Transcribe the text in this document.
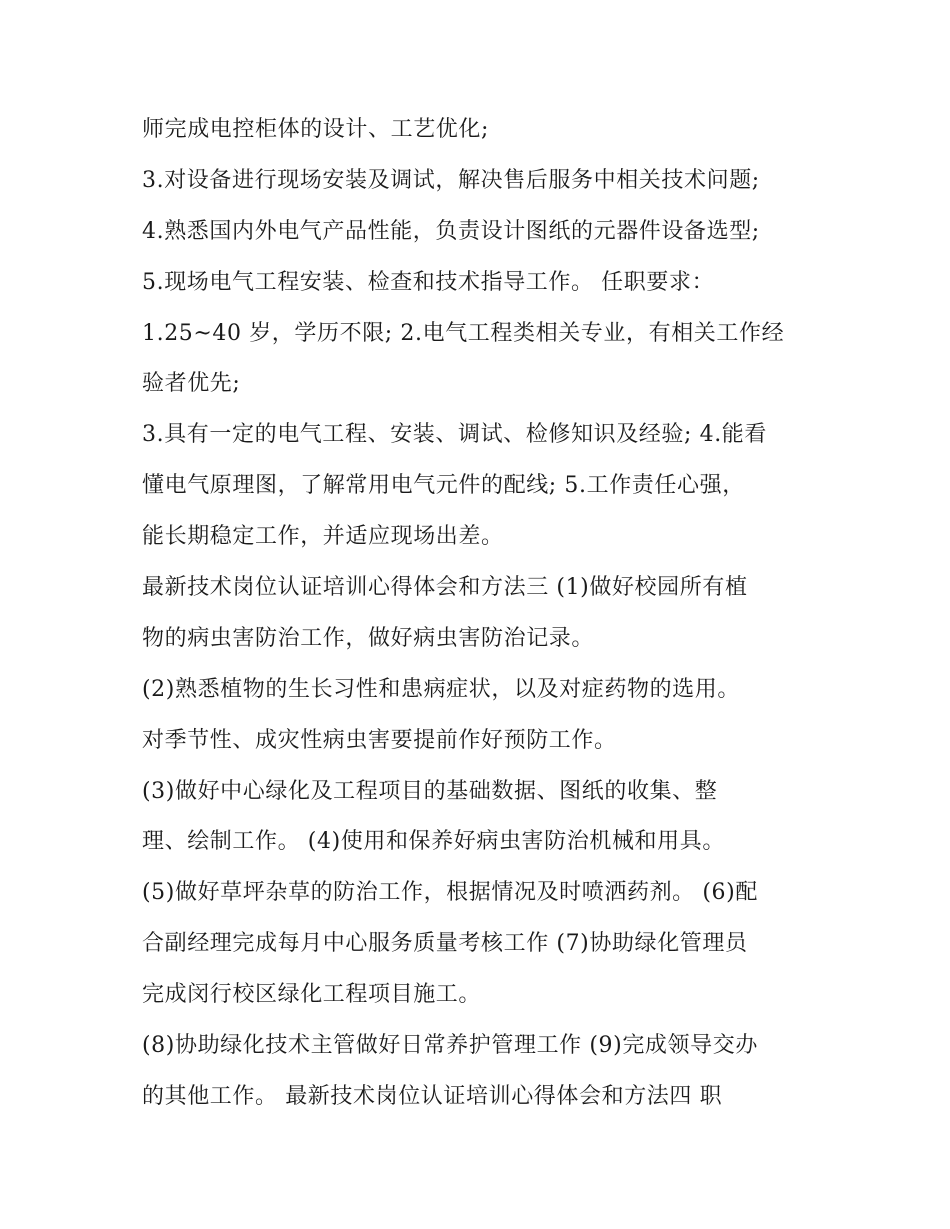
师完成电控柜体的设计、工艺优化;
3.对设备进行现场安装及调试，解决售后服务中相关技术问题;
4.熟悉国内外电气产品性能，负责设计图纸的元器件设备选型;
5.现场电气工程安装、检查和技术指导工作。 任职要求：
1.25~40 岁，学历不限; 2.电气工程类相关专业，有相关工作经
验者优先;
3.具有一定的电气工程、安装、调试、检修知识及经验; 4.能看
懂电气原理图，了解常用电气元件的配线; 5.工作责任心强，
能长期稳定工作，并适应现场出差。
最新技术岗位认证培训心得体会和方法三 (1)做好校园所有植
物的病虫害防治工作，做好病虫害防治记录。
(2)熟悉植物的生长习性和患病症状，以及对症药物的选用。
对季节性、成灾性病虫害要提前作好预防工作。
(3)做好中心绿化及工程项目的基础数据、图纸的收集、整
理、绘制工作。 (4)使用和保养好病虫害防治机械和用具。
(5)做好草坪杂草的防治工作，根据情况及时喷洒药剂。 (6)配
合副经理完成每月中心服务质量考核工作 (7)协助绿化管理员
完成闵行校区绿化工程项目施工。
(8)协助绿化技术主管做好日常养护管理工作 (9)完成领导交办
的其他工作。 最新技术岗位认证培训心得体会和方法四 职
